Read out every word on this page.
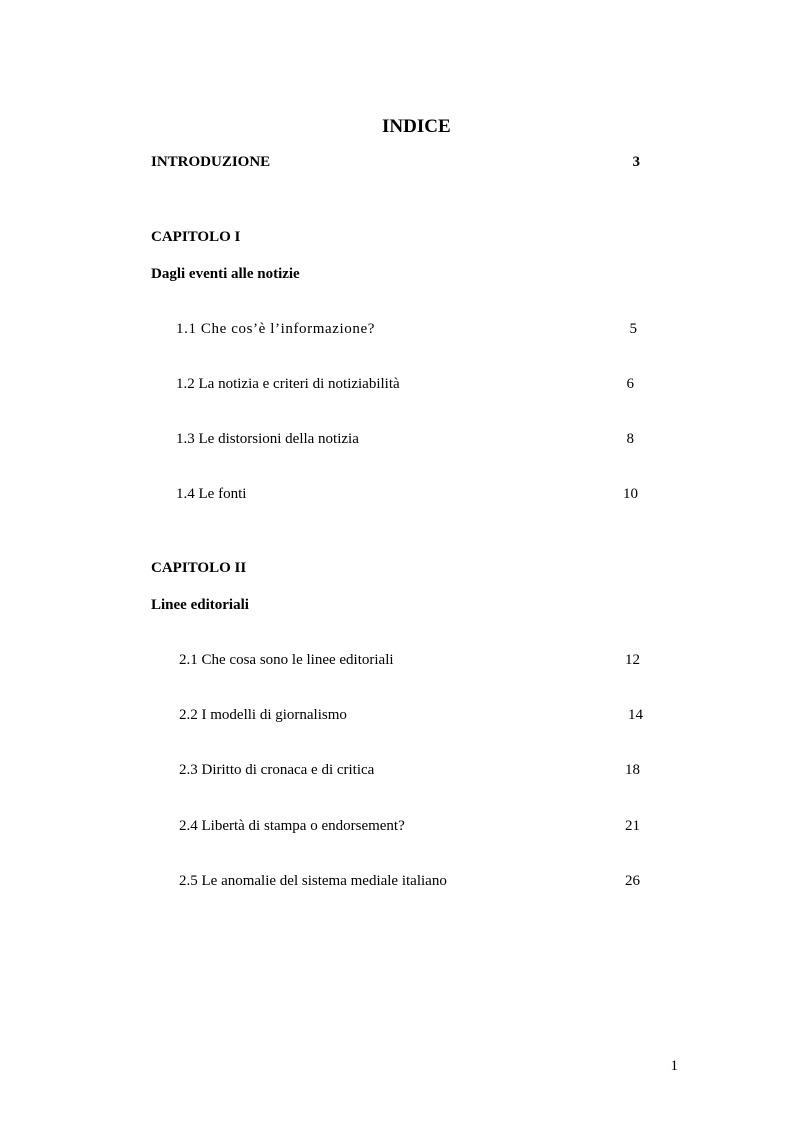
INDICE
INTRODUZIONE	3
CAPITOLO I
Dagli eventi alle notizie
1.1 Che cos’è l’informazione?	5
1.2 La notizia e criteri di notiziabilità	6
1.3 Le distorsioni della notizia	8
1.4 Le fonti	10
CAPITOLO II
Linee editoriali
2.1 Che cosa sono le linee editoriali	12
2.2 I modelli di giornalismo	14
2.3 Diritto di cronaca e di critica	18
2.4 Libertà di stampa o endorsement?	21
2.5 Le anomalie del sistema mediale italiano	26
1
